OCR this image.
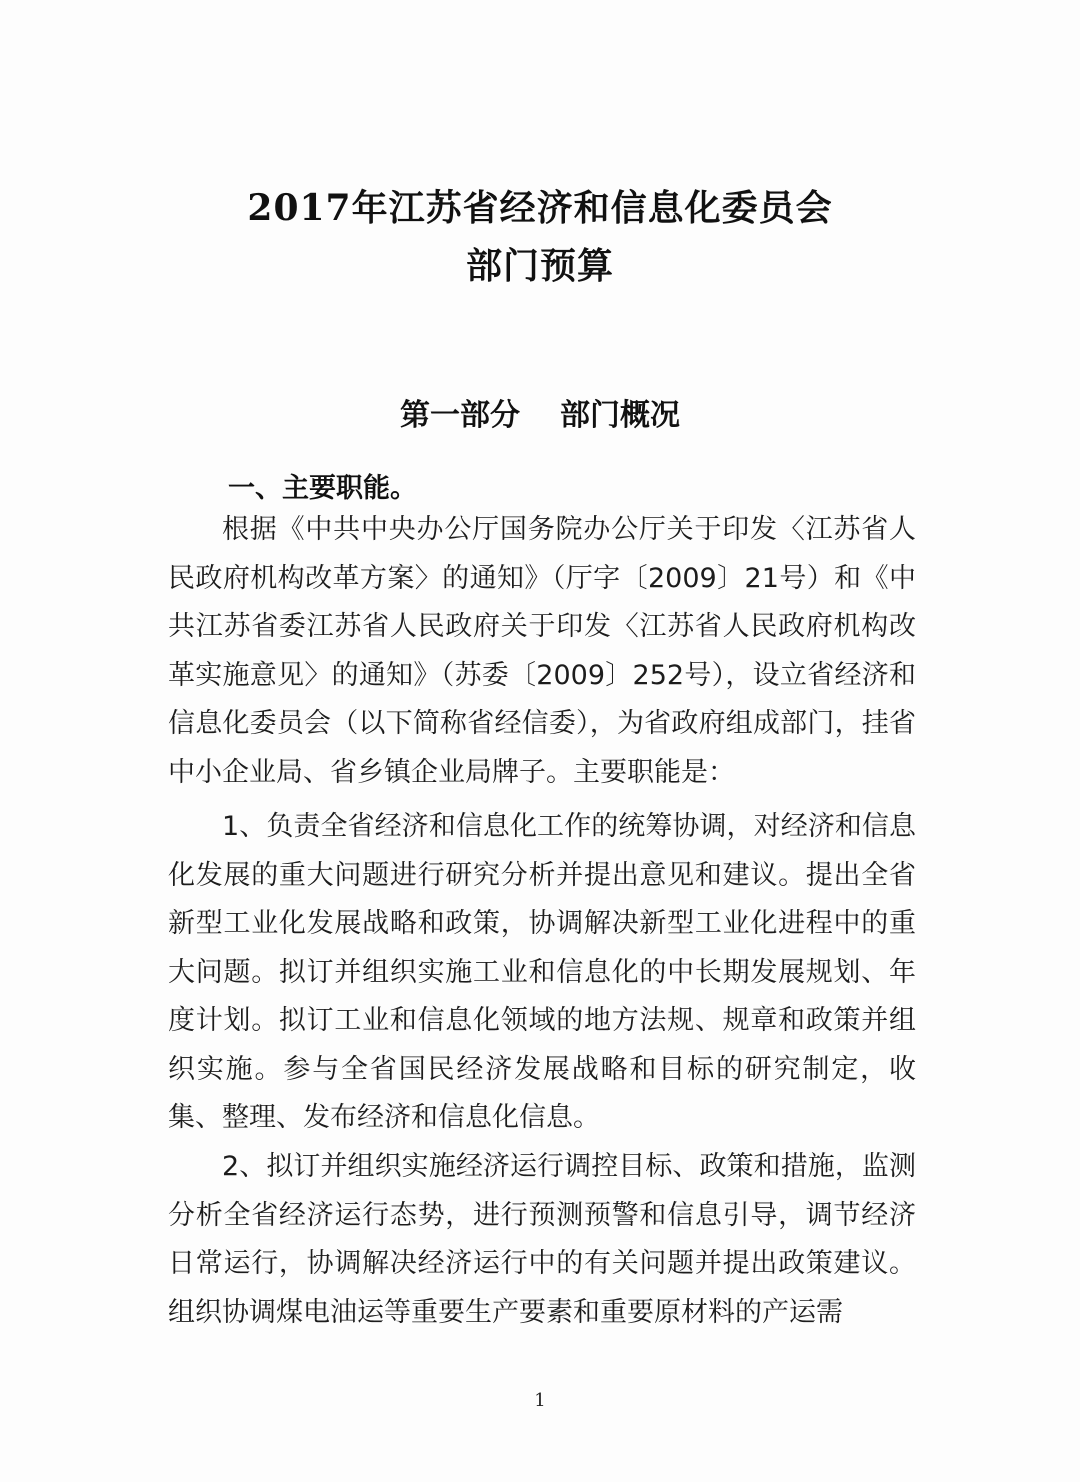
2017年江苏省经济和信息化委员会
部门预算
第一部分 部门概况
一、主要职能。

根据《中共中央办公厅国务院办公厅关于印发〈江苏省人民政府机构改革方案〉的通知》（厅字〔2009〕21号）和《中共江苏省委江苏省人民政府关于印发〈江苏省人民政府机构改革实施意见〉的通知》（苏委〔2009〕252号），设立省经济和信息化委员会（以下简称省经信委），为省政府组成部门，挂省中小企业局、省乡镇企业局牌子。主要职能是：

1、负责全省经济和信息化工作的统筹协调，对经济和信息化发展的重大问题进行研究分析并提出意见和建议。提出全省新型工业化发展战略和政策，协调解决新型工业化进程中的重大问题。拟订并组织实施工业和信息化的中长期发展规划、年度计划。拟订工业和信息化领域的地方法规、规章和政策并组织实施。参与全省国民经济发展战略和目标的研究制定，收集、整理、发布经济和信息化信息。

2、拟订并组织实施经济运行调控目标、政策和措施，监测分析全省经济运行态势，进行预测预警和信息引导，调节经济日常运行，协调解决经济运行中的有关问题并提出政策建议。组织协调煤电油运等重要生产要素和重要原材料的产运需

1
